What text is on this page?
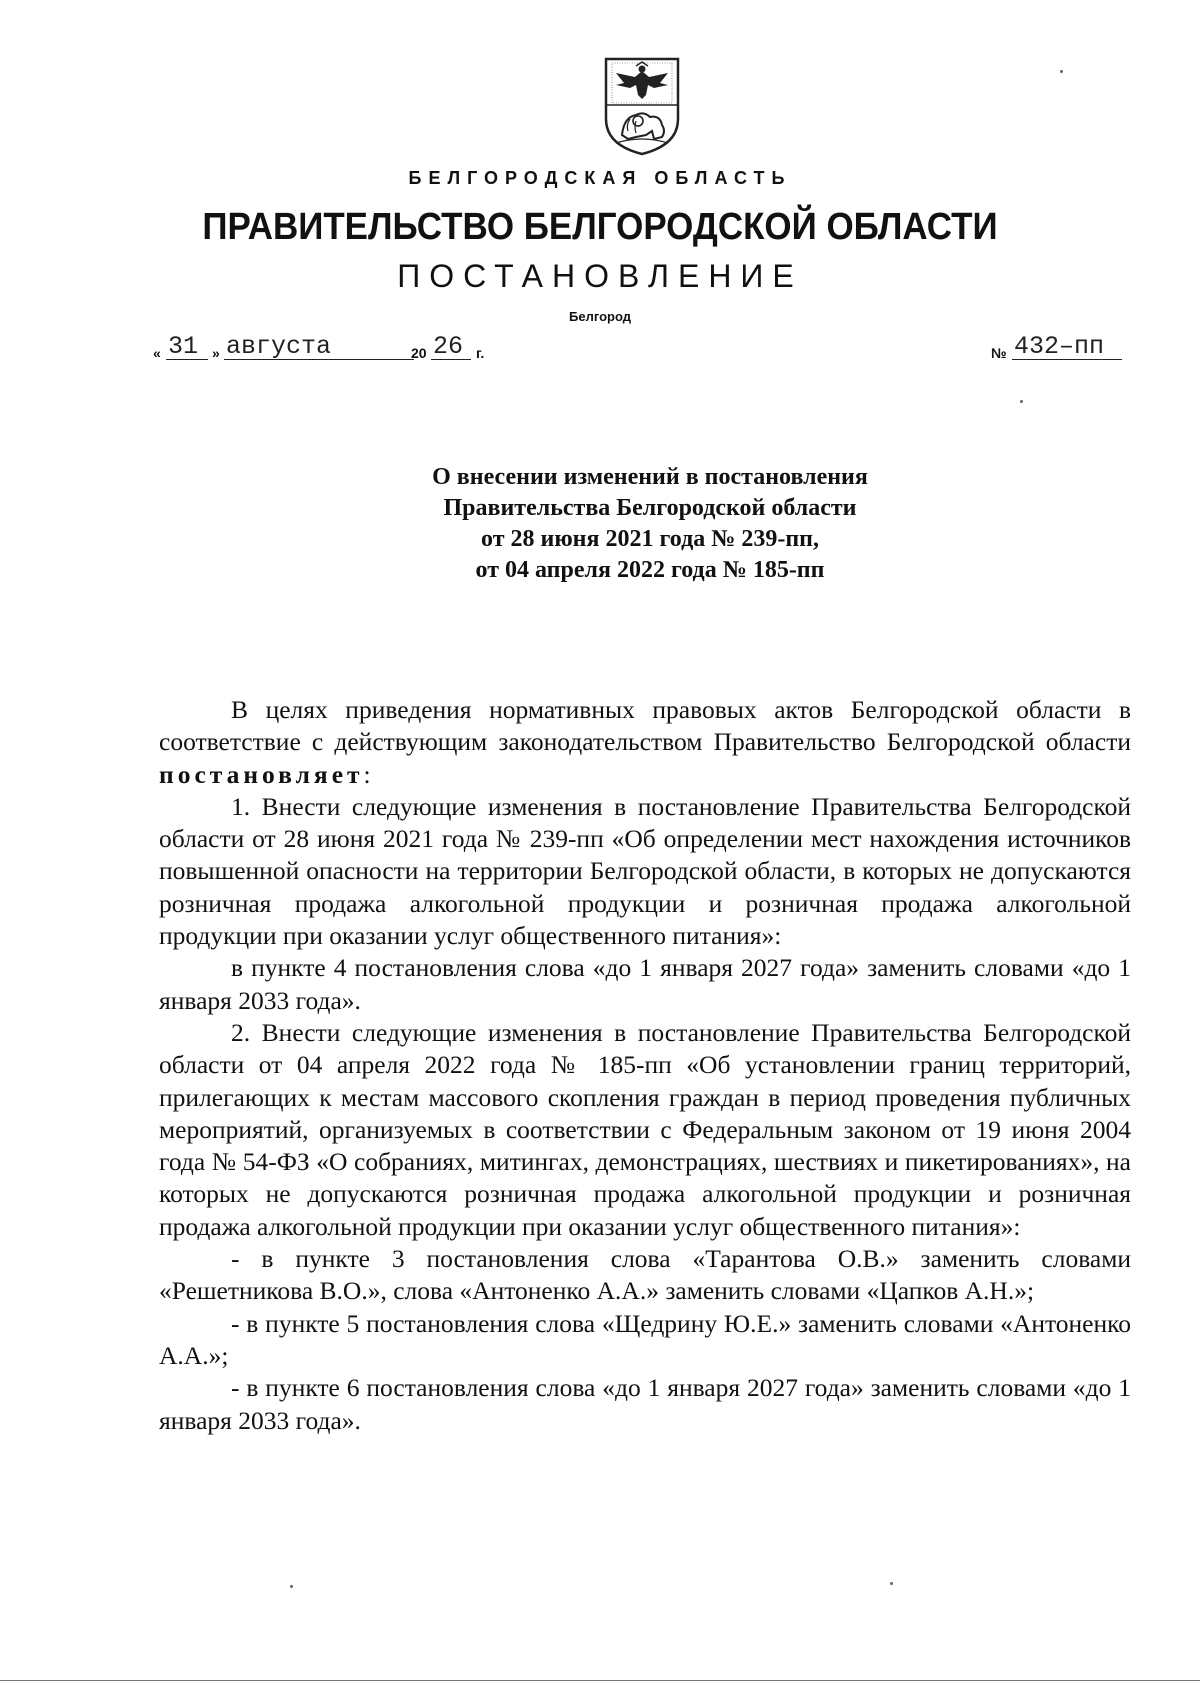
БЕЛГОРОДСКАЯ ОБЛАСТЬ
ПРАВИТЕЛЬСТВО БЕЛГОРОДСКОЙ ОБЛАСТИ
ПОСТАНОВЛЕНИЕ
Белгород
« 31 » августа	20 26 г.	№ 432–пп
О внесении изменений в постановления
Правительства Белгородской области
от 28 июня 2021 года № 239-пп,
от 04 апреля 2022 года № 185-пп

В целях приведения нормативных правовых актов Белгородской области в соответствие с действующим законодательством Правительство Белгородской области постановляет:

1. Внести следующие изменения в постановление Правительства Белгородской области от 28 июня 2021 года № 239-пп «Об определении мест нахождения источников повышенной опасности на территории Белгородской области, в которых не допускаются розничная продажа алкогольной продукции и розничная продажа алкогольной продукции при оказании услуг общественного питания»:

в пункте 4 постановления слова «до 1 января 2027 года» заменить словами «до 1 января 2033 года».

2. Внести следующие изменения в постановление Правительства Белгородской области от 04 апреля 2022 года № 185-пп «Об установлении границ территорий, прилегающих к местам массового скопления граждан в период проведения публичных мероприятий, организуемых в соответствии с Федеральным законом от 19 июня 2004 года № 54-ФЗ «О собраниях, митингах, демонстрациях, шествиях и пикетированиях», на которых не допускаются розничная продажа алкогольной продукции и розничная продажа алкогольной продукции при оказании услуг общественного питания»:

- в пункте 3 постановления слова «Тарантова О.В.» заменить словами «Решетникова В.О.», слова «Антоненко А.А.» заменить словами «Цапков А.Н.»;

- в пункте 5 постановления слова «Щедрину Ю.Е.» заменить словами «Антоненко А.А.»;

- в пункте 6 постановления слова «до 1 января 2027 года» заменить словами «до 1 января 2033 года».
